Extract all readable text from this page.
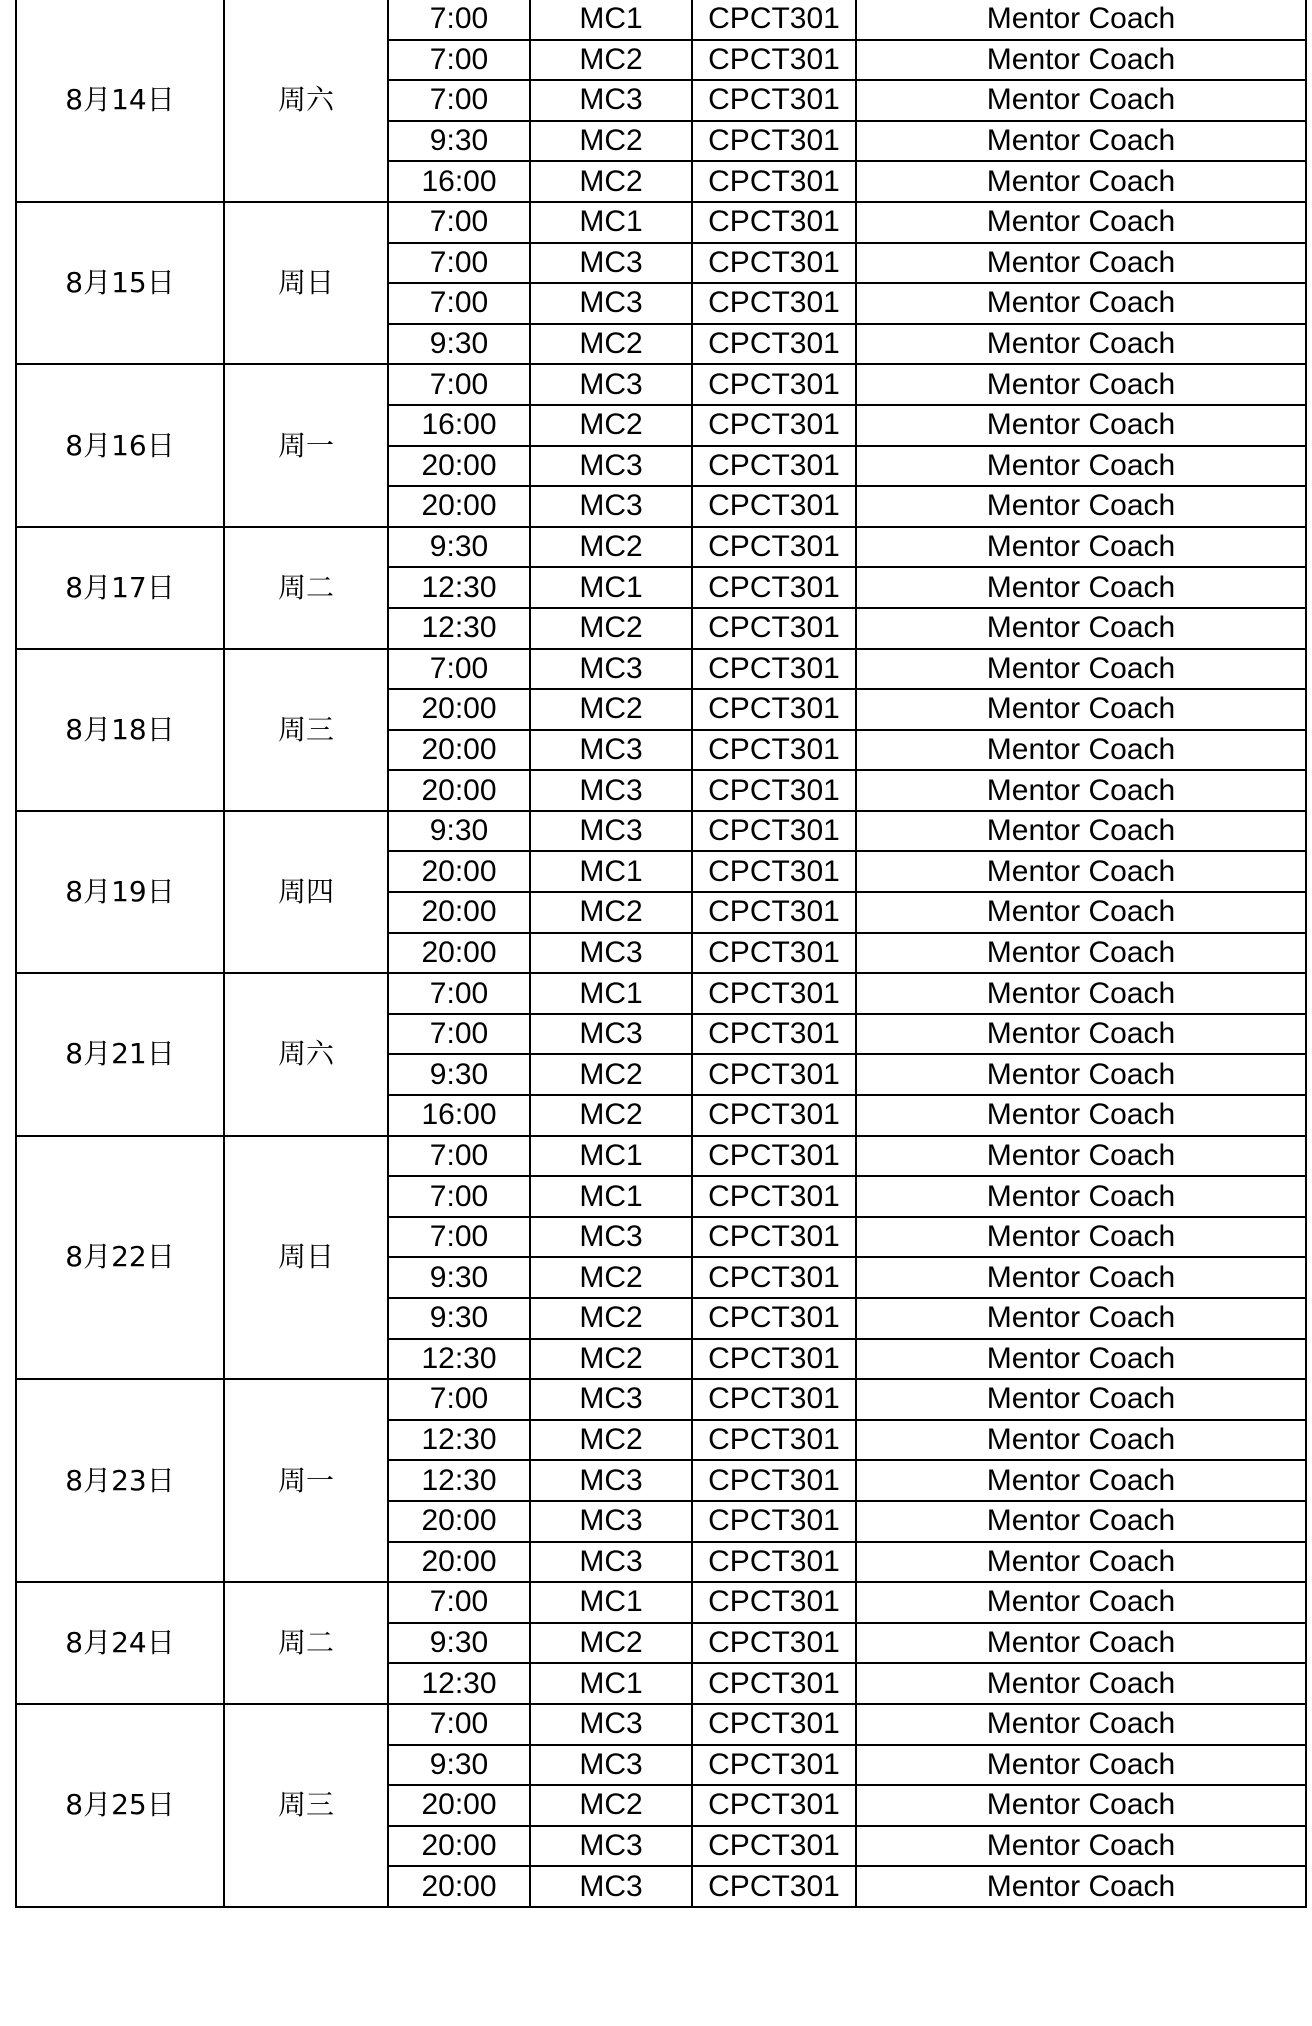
8月14日	周六	7:00	MC1	CPCT301	Mentor Coach
		7:00	MC2	CPCT301	Mentor Coach
		7:00	MC3	CPCT301	Mentor Coach
		9:30	MC2	CPCT301	Mentor Coach
		16:00	MC2	CPCT301	Mentor Coach
8月15日	周日	7:00	MC1	CPCT301	Mentor Coach
		7:00	MC3	CPCT301	Mentor Coach
		7:00	MC3	CPCT301	Mentor Coach
		9:30	MC2	CPCT301	Mentor Coach
8月16日	周一	7:00	MC3	CPCT301	Mentor Coach
		16:00	MC2	CPCT301	Mentor Coach
		20:00	MC3	CPCT301	Mentor Coach
		20:00	MC3	CPCT301	Mentor Coach
8月17日	周二	9:30	MC2	CPCT301	Mentor Coach
		12:30	MC1	CPCT301	Mentor Coach
		12:30	MC2	CPCT301	Mentor Coach
8月18日	周三	7:00	MC3	CPCT301	Mentor Coach
		20:00	MC2	CPCT301	Mentor Coach
		20:00	MC3	CPCT301	Mentor Coach
		20:00	MC3	CPCT301	Mentor Coach
8月19日	周四	9:30	MC3	CPCT301	Mentor Coach
		20:00	MC1	CPCT301	Mentor Coach
		20:00	MC2	CPCT301	Mentor Coach
		20:00	MC3	CPCT301	Mentor Coach
8月21日	周六	7:00	MC1	CPCT301	Mentor Coach
		7:00	MC3	CPCT301	Mentor Coach
		9:30	MC2	CPCT301	Mentor Coach
		16:00	MC2	CPCT301	Mentor Coach
8月22日	周日	7:00	MC1	CPCT301	Mentor Coach
		7:00	MC1	CPCT301	Mentor Coach
		7:00	MC3	CPCT301	Mentor Coach
		9:30	MC2	CPCT301	Mentor Coach
		9:30	MC2	CPCT301	Mentor Coach
		12:30	MC2	CPCT301	Mentor Coach
8月23日	周一	7:00	MC3	CPCT301	Mentor Coach
		12:30	MC2	CPCT301	Mentor Coach
		12:30	MC3	CPCT301	Mentor Coach
		20:00	MC3	CPCT301	Mentor Coach
		20:00	MC3	CPCT301	Mentor Coach
8月24日	周二	7:00	MC1	CPCT301	Mentor Coach
		9:30	MC2	CPCT301	Mentor Coach
		12:30	MC1	CPCT301	Mentor Coach
8月25日	周三	7:00	MC3	CPCT301	Mentor Coach
		9:30	MC3	CPCT301	Mentor Coach
		20:00	MC2	CPCT301	Mentor Coach
		20:00	MC3	CPCT301	Mentor Coach
		20:00	MC3	CPCT301	Mentor Coach
